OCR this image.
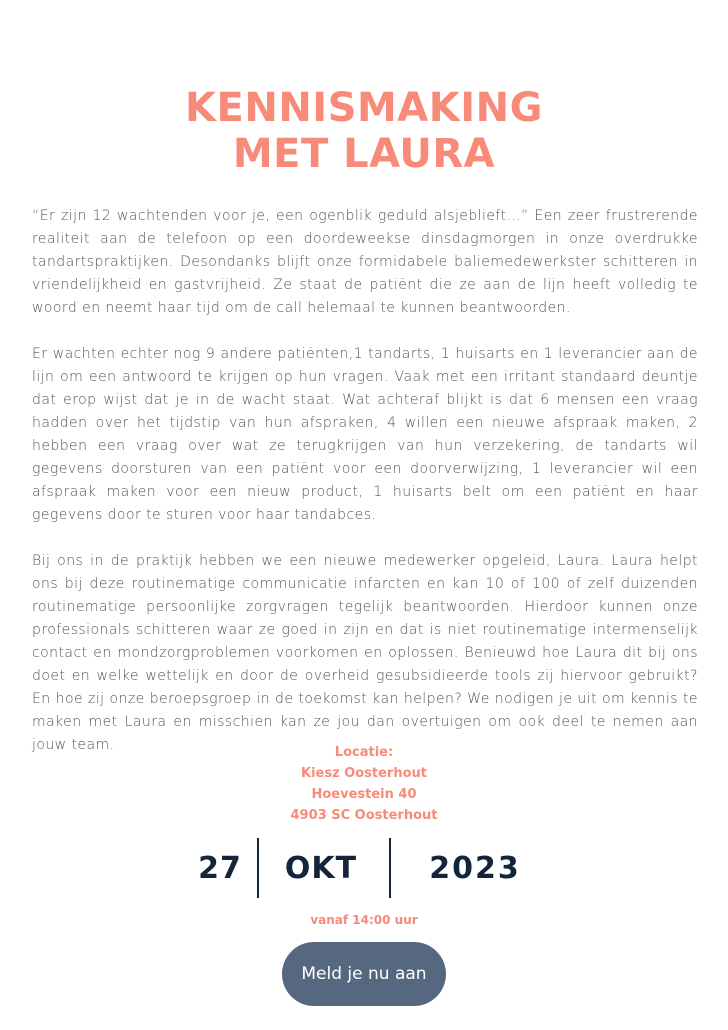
KENNISMAKING
MET LAURA

“Er zijn 12 wachtenden voor je, een ogenblik geduld alsjeblieft…” Een zeer frustrerende realiteit aan de telefoon op een doordeweekse dinsdagmorgen in onze overdrukke tandartspraktijken. Desondanks blijft onze formidabele baliemedewerkster schitteren in vriendelijkheid en gastvrijheid. Ze staat de patiënt die ze aan de lijn heeft volledig te woord en neemt haar tijd om de call helemaal te kunnen beantwoorden.

Er wachten echter nog 9 andere patiënten,1 tandarts, 1 huisarts en 1 leverancier aan de lijn om een antwoord te krijgen op hun vragen. Vaak met een irritant standaard deuntje dat erop wijst dat je in de wacht staat. Wat achteraf blijkt is dat 6 mensen een vraag hadden over het tijdstip van hun afspraken, 4 willen een nieuwe afspraak maken, 2 hebben een vraag over wat ze terugkrijgen van hun verzekering, de tandarts wil gegevens doorsturen van een patiënt voor een doorverwijzing, 1 leverancier wil een afspraak maken voor een nieuw product, 1 huisarts belt om een patiënt en haar gegevens door te sturen voor haar tandabces.

Bij ons in de praktijk hebben we een nieuwe medewerker opgeleid, Laura. Laura helpt ons bij deze routinematige communicatie infarcten en kan 10 of 100 of zelf duizenden routinematige persoonlijke zorgvragen tegelijk beantwoorden. Hierdoor kunnen onze professionals schitteren waar ze goed in zijn en dat is niet routinematige intermenselijk contact en mondzorgproblemen voorkomen en oplossen. Benieuwd hoe Laura dit bij ons doet en welke wettelijk en door de overheid gesubsidieerde tools zij hiervoor gebruikt? En hoe zij onze beroepsgroep in de toekomst kan helpen? We nodigen je uit om kennis te maken met Laura en misschien kan ze jou dan overtuigen om ook deel te nemen aan jouw team.	Locatie:
Kiesz Oosterhout
Hoevestein 40
4903 SC Oosterhout
27 OKT	2023
vanaf 14:00 uur
Meld je nu aan
